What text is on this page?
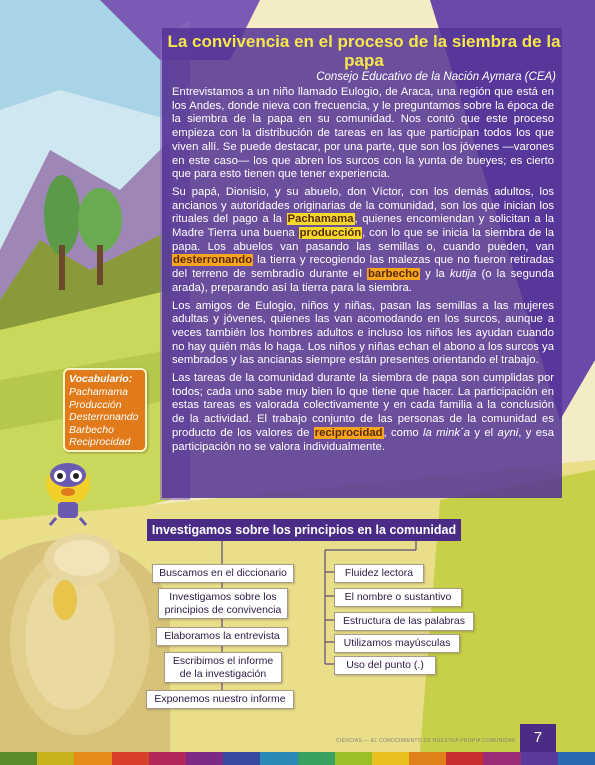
La convivencia en el proceso de la siembra de la papa

Consejo Educativo de la Nación Aymara (CEA)

Entrevistamos a un niño llamado Eulogio, de Araca, una región que está en los Andes, donde nieva con frecuencia, y le preguntamos sobre la época de la siembra de la papa en su comunidad. Nos contó que este proceso empieza con la distribución de tareas en las que participan todos los que viven allí. Se puede destacar, por una parte, que son los jóvenes —varones en este caso— los que abren los surcos con la yunta de bueyes; es cierto que para esto tienen que tener experiencia.

Su papá, Dionisio, y su abuelo, don Víctor, con los demás adultos, los ancianos y autoridades originarias de la comunidad, son los que inician los rituales del pago a la Pachamama, quienes encomiendan y solicitan a la Madre Tierra una buena producción, con lo que se inicia la siembra de la papa. Los abuelos van pasando las semillas o, cuando pueden, van desterronando la tierra y recogiendo las malezas que no fueron retiradas del terreno de sembradío durante el barbecho y la kutija (o la segunda arada), preparando así la tierra para la siembra.

Los amigos de Eulogio, niños y niñas, pasan las semillas a las mujeres adultas y jóvenes, quienes las van acomodando en los surcos, aunque a veces también los hombres adultos e incluso los niños les ayudan cuando no hay quién más lo haga. Los niños y niñas echan el abono a los surcos ya sembrados y las ancianas siempre están presentes orientando el trabajo.

Las tareas de la comunidad durante la siembra de papa son cumplidas por todos; cada uno sabe muy bien lo que tiene que hacer. La participación en estas tareas es valorada colectivamente y en cada familia a la conclusión de la actividad. El trabajo conjunto de las personas de la comunidad es producto de los valores de reciprocidad, como la mink´a y el ayni, y esa participación no se valora individualmente.

Vocabulario:

Pachamama

Producción

Desterronando

Barbecho

Reciprocidad

Investigamos sobre los principios en la comunidad
Buscamos en el diccionario
Investigamos sobre los principios de convivencia
Elaboramos la entrevista
Escribimos el informe de la investigación
Exponemos nuestro informe
Fluidez lectora
El nombre o sustantivo
Estructura de las palabras
Utilizamos mayúsculas
Uso del punto (.)
CIENCIAS — EL CONOCIMIENTO DE NUESTRA PROPIA COMUNIDAD	7
